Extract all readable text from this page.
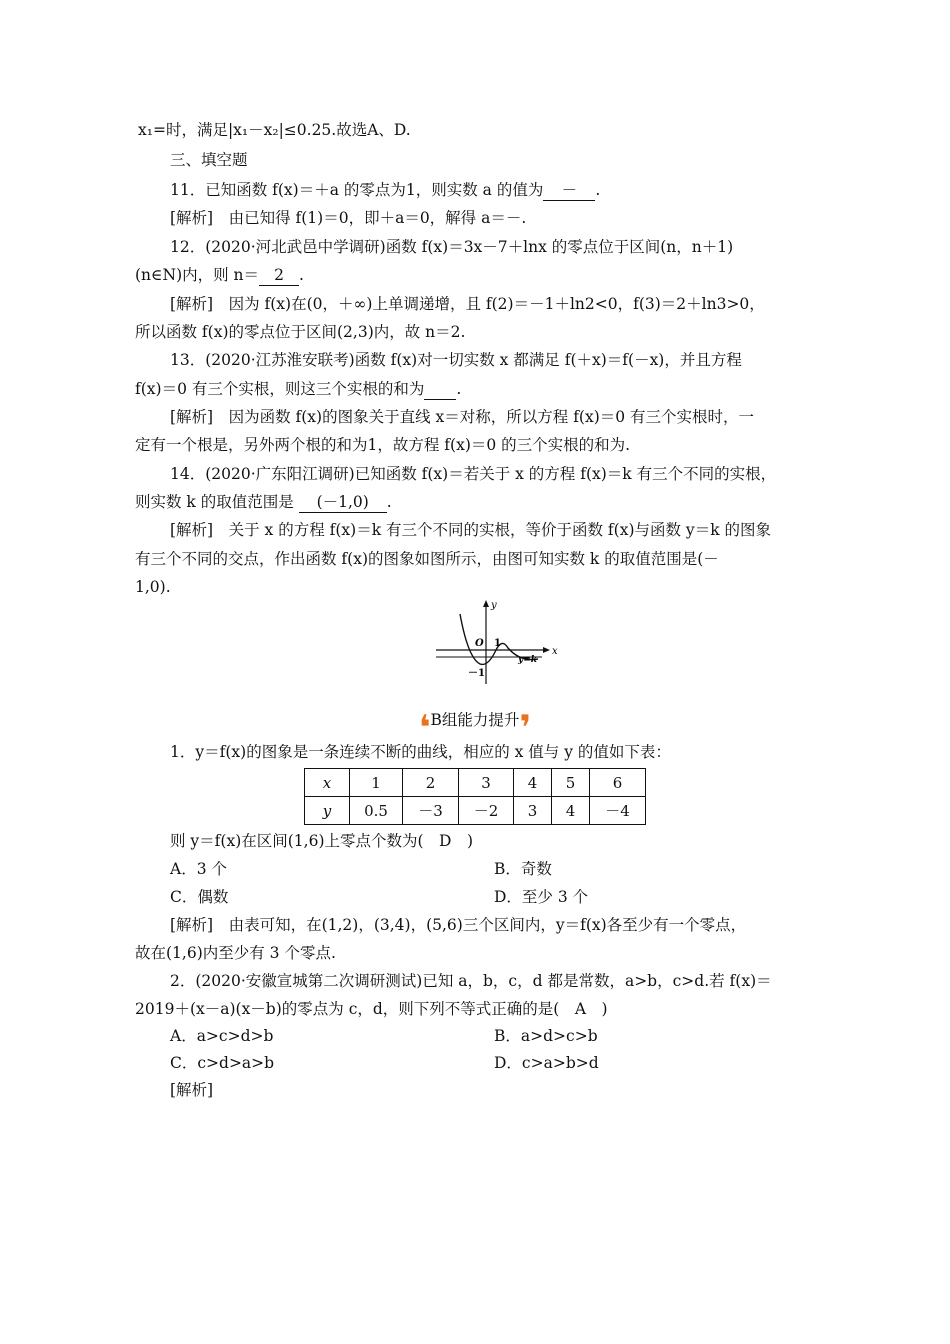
x₁=时，满足|x₁－x₂|≤0.25.故选A、D.
三、填空题
11．已知函数 f(x)＝＋a 的零点为1，则实数 a 的值为 － .
[解析]　由已知得 f(1)＝0，即＋a＝0，解得 a＝－.
12．(2020·河北武邑中学调研)函数 f(x)＝3x－7＋lnx 的零点位于区间(n，n＋1)
(n∈N)内，则 n＝ 2 .
[解析]　因为 f(x)在(0，＋∞)上单调递增，且 f(2)＝－1＋ln2<0，f(3)＝2＋ln3>0，
所以函数 f(x)的零点位于区间(2,3)内，故 n＝2.
13．(2020·江苏淮安联考)函数 f(x)对一切实数 x 都满足 f(＋x)＝f(－x)，并且方程
f(x)＝0 有三个实根，则这三个实根的和为 .
[解析]　因为函数 f(x)的图象关于直线 x＝对称，所以方程 f(x)＝0 有三个实根时，一
定有一个根是，另外两个根的和为1，故方程 f(x)＝0 的三个实根的和为.
14．(2020·广东阳江调研)已知函数 f(x)＝若关于 x 的方程 f(x)＝k 有三个不同的实根，
则实数 k 的取值范围是 (－1,0) .
[解析]　关于 x 的方程 f(x)＝k 有三个不同的实根，等价于函数 f(x)与函数 y＝k 的图象
有三个不同的交点，作出函数 f(x)的图象如图所示，由图可知实数 k 的取值范围是(－
1,0).
y
x
O 1
－1
y=k
❛B组能力提升❜
1．y＝f(x)的图象是一条连续不断的曲线，相应的 x 值与 y 的值如下表：
x	1	2	3	4	5	6
y	0.5	－3	－2	3	4	－4
则 y＝f(x)在区间(1,6)上零点个数为(　D　)
A．3 个	B．奇数
C．偶数	D．至少 3 个
[解析]　由表可知，在(1,2)，(3,4)，(5,6)三个区间内，y＝f(x)各至少有一个零点，
故在(1,6)内至少有 3 个零点.
2．(2020·安徽宣城第二次调研测试)已知 a，b，c，d 都是常数，a>b，c>d.若 f(x)＝
2019＋(x－a)(x－b)的零点为 c，d，则下列不等式正确的是(　A　)
A．a>c>d>b	B．a>d>c>b
C．c>d>a>b	D．c>a>b>d
[解析]
